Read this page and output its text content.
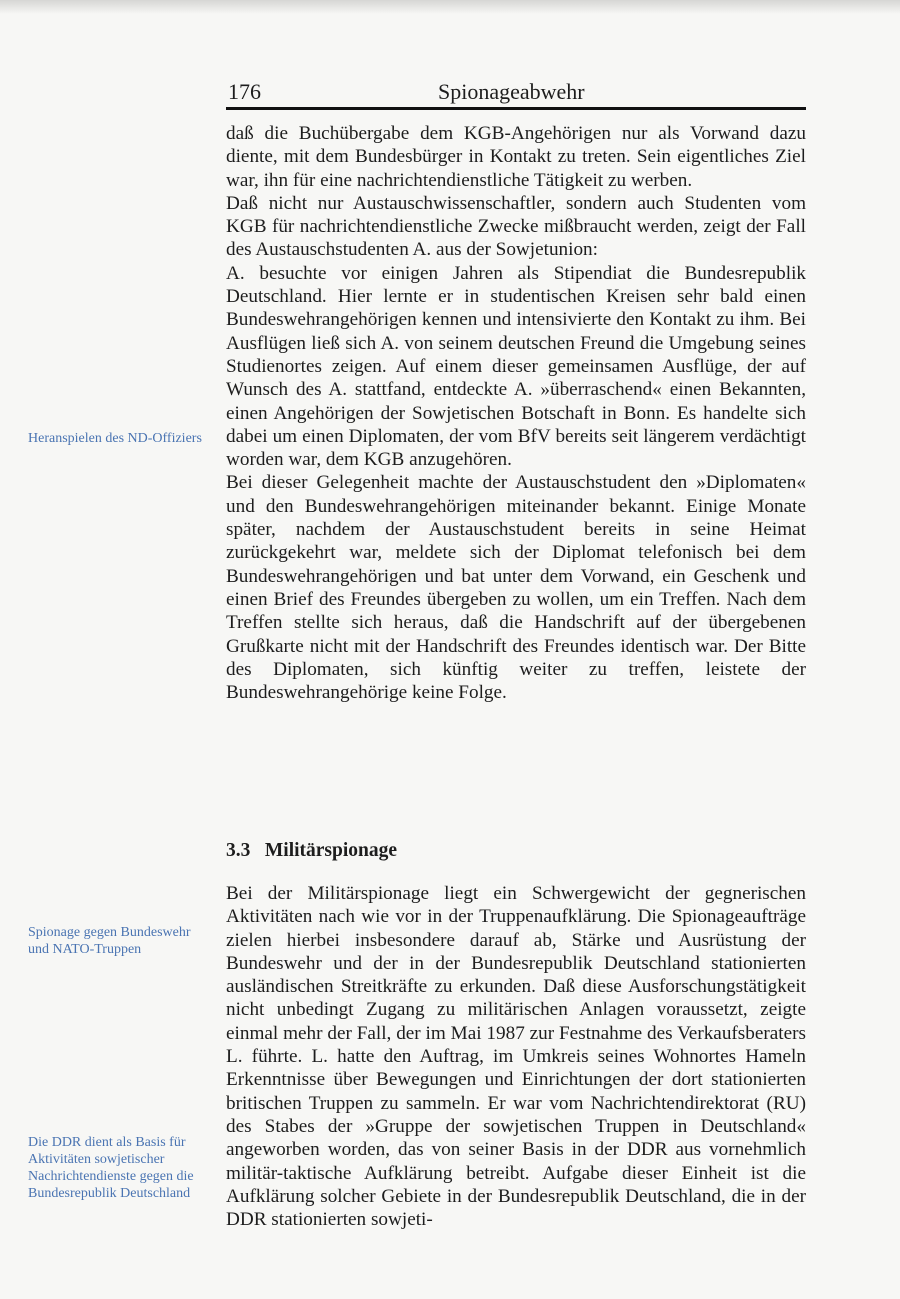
176	Spionageabwehr
Heranspielen des ND-Offiziers
Spionage gegen Bundeswehr und NATO-Truppen
Die DDR dient als Basis für Aktivitäten sowjetischer Nachrichtendienste gegen die Bundesrepublik Deutschland

daß die Buchübergabe dem KGB-Angehörigen nur als Vorwand dazu diente, mit dem Bundesbürger in Kontakt zu treten. Sein eigentliches Ziel war, ihn für eine nachrichtendienstliche Tätigkeit zu werben.

Daß nicht nur Austauschwissenschaftler, sondern auch Studenten vom KGB für nachrichtendienstliche Zwecke mißbraucht werden, zeigt der Fall des Austauschstudenten A. aus der Sowjetunion:

A. besuchte vor einigen Jahren als Stipendiat die Bundesrepublik Deutschland. Hier lernte er in studentischen Kreisen sehr bald einen Bundeswehrangehörigen kennen und intensivierte den Kontakt zu ihm. Bei Ausflügen ließ sich A. von seinem deutschen Freund die Umgebung seines Studienortes zeigen. Auf einem dieser gemeinsamen Ausflüge, der auf Wunsch des A. stattfand, entdeckte A. »überraschend« einen Bekannten, einen Angehörigen der Sowjetischen Botschaft in Bonn. Es handelte sich dabei um einen Diplomaten, der vom BfV bereits seit längerem verdächtigt worden war, dem KGB anzugehören.

Bei dieser Gelegenheit machte der Austauschstudent den »Diplomaten« und den Bundeswehrangehörigen miteinander bekannt. Einige Monate später, nachdem der Austauschstudent bereits in seine Heimat zurückgekehrt war, meldete sich der Diplomat telefonisch bei dem Bundeswehrangehörigen und bat unter dem Vorwand, ein Geschenk und einen Brief des Freundes übergeben zu wollen, um ein Treffen. Nach dem Treffen stellte sich heraus, daß die Handschrift auf der übergebenen Grußkarte nicht mit der Handschrift des Freundes identisch war. Der Bitte des Diplomaten, sich künftig weiter zu treffen, leistete der Bundeswehrangehörige keine Folge.

3.3 Militärspionage

Bei der Militärspionage liegt ein Schwergewicht der gegnerischen Aktivitäten nach wie vor in der Truppenaufklärung. Die Spionageaufträge zielen hierbei insbesondere darauf ab, Stärke und Ausrüstung der Bundeswehr und der in der Bundesrepublik Deutschland stationierten ausländischen Streitkräfte zu erkunden. Daß diese Ausforschungstätigkeit nicht unbedingt Zugang zu militärischen Anlagen voraussetzt, zeigte einmal mehr der Fall, der im Mai 1987 zur Festnahme des Verkaufsberaters L. führte. L. hatte den Auftrag, im Umkreis seines Wohnortes Hameln Erkenntnisse über Bewegungen und Einrichtungen der dort stationierten britischen Truppen zu sammeln. Er war vom Nachrichtendirektorat (RU) des Stabes der »Gruppe der sowjetischen Truppen in Deutschland« angeworben worden, das von seiner Basis in der DDR aus vornehmlich militär-taktische Aufklärung betreibt. Aufgabe dieser Einheit ist die Aufklärung solcher Gebiete in der Bundesrepublik Deutschland, die in der DDR stationierten sowjeti-
